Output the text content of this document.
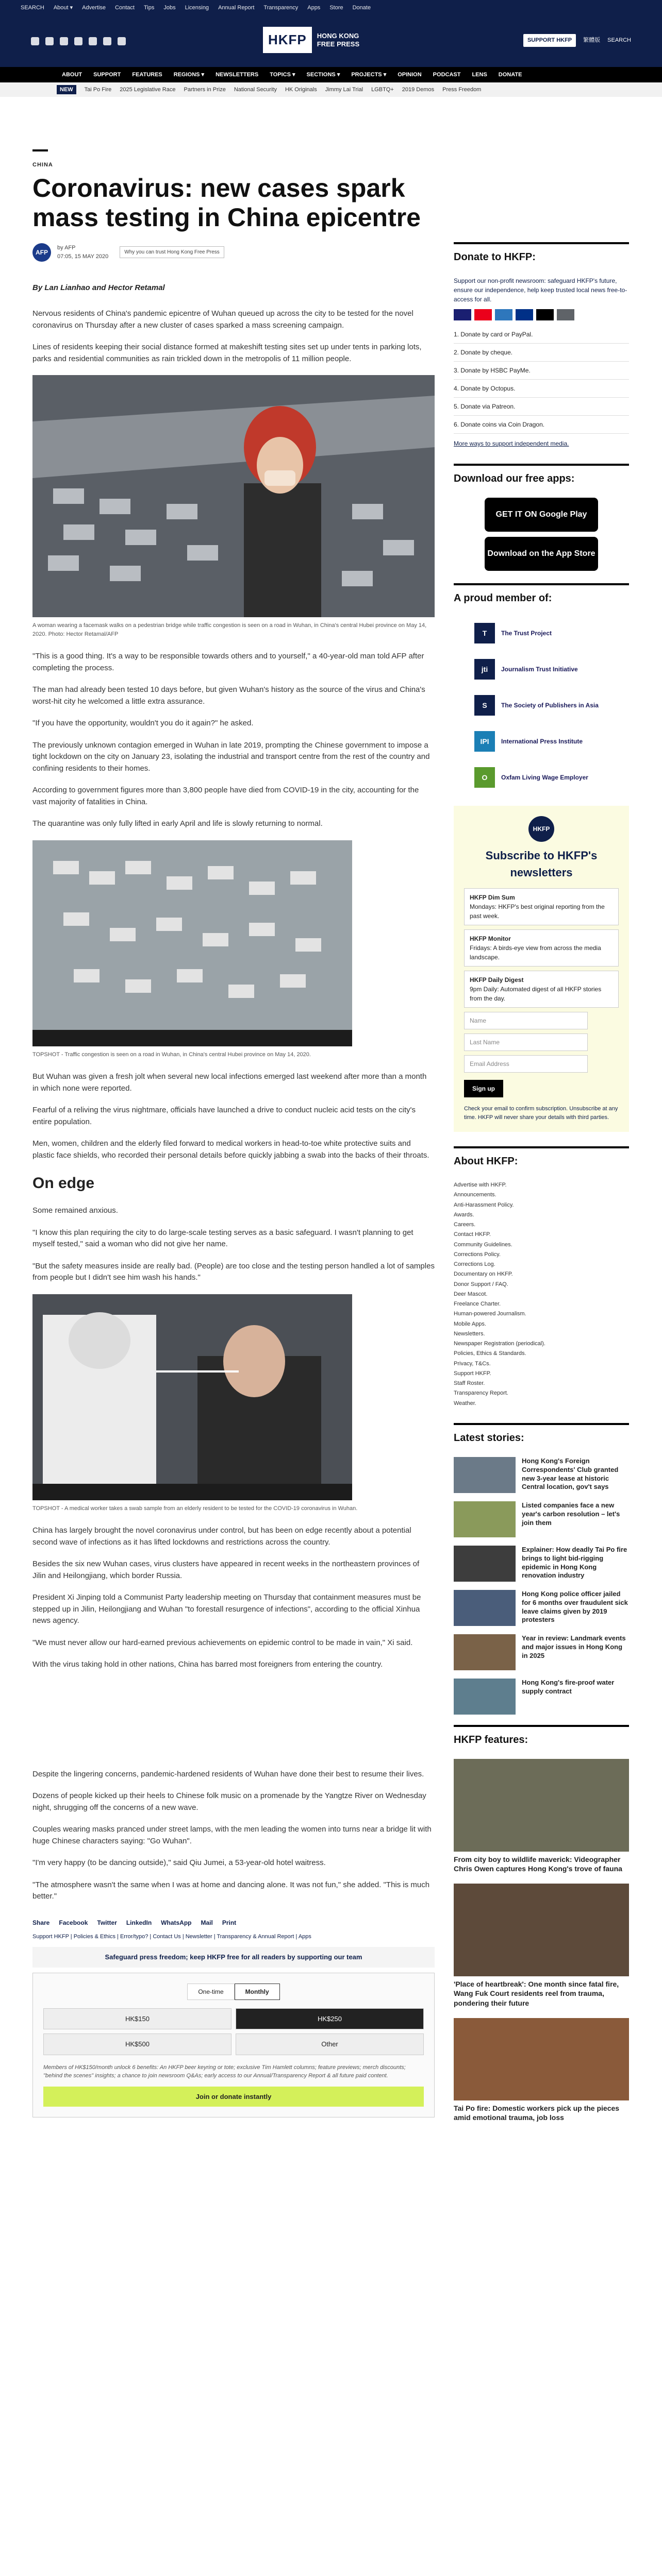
SEARCH About ▾ Advertise Contact Tips Jobs Licensing Annual Report Transparency Apps Store Donate
HKFP	HONG KONG
FREE PRESS	SUPPORT HKFP	繁體版 SEARCH
ABOUT SUPPORT FEATURES REGIONS ▾ NEWSLETTERS TOPICS ▾ SECTIONS ▾ PROJECTS ▾ OPINION PODCAST LENS DONATE
NEW	Tai Po Fire 2025 Legislative Race Partners in Prize National Security HK Originals Jimmy Lai Trial LGBTQ+ 2019 Demos Press Freedom
CHINA
Coronavirus: new cases spark mass testing in China epicentre
AFP
by AFP
07:05, 15 MAY 2020
Why you can trust Hong Kong Free Press
By Lan Lianhao and Hector Retamal

Nervous residents of China's pandemic epicentre of Wuhan queued up across the city to be tested for the novel coronavirus on Thursday after a new cluster of cases sparked a mass screening campaign.

Lines of residents keeping their social distance formed at makeshift testing sites set up under tents in parking lots, parks and residential communities as rain trickled down in the metropolis of 11 million people.

A woman wearing a facemask walks on a pedestrian bridge while traffic congestion is seen on a road in Wuhan, in China's central Hubei province on May 14, 2020. Photo: Hector Retamal/AFP

"This is a good thing. It's a way to be responsible towards others and to yourself," a 40-year-old man told AFP after completing the process.

The man had already been tested 10 days before, but given Wuhan's history as the source of the virus and China's worst-hit city he welcomed a little extra assurance.

"If you have the opportunity, wouldn't you do it again?" he asked.

The previously unknown contagion emerged in Wuhan in late 2019, prompting the Chinese government to impose a tight lockdown on the city on January 23, isolating the industrial and transport centre from the rest of the country and confining residents to their homes.

According to government figures more than 3,800 people have died from COVID-19 in the city, accounting for the vast majority of fatalities in China.

The quarantine was only fully lifted in early April and life is slowly returning to normal.

TOPSHOT - Traffic congestion is seen on a road in Wuhan, in China's central Hubei province on May 14, 2020.

But Wuhan was given a fresh jolt when several new local infections emerged last weekend after more than a month in which none were reported.

Fearful of a reliving the virus nightmare, officials have launched a drive to conduct nucleic acid tests on the city's entire population.

Men, women, children and the elderly filed forward to medical workers in head-to-toe white protective suits and plastic face shields, who recorded their personal details before quickly jabbing a swab into the backs of their throats.

On edge

Some remained anxious.

"I know this plan requiring the city to do large-scale testing serves as a basic safeguard. I wasn't planning to get myself tested," said a woman who did not give her name.

"But the safety measures inside are really bad. (People) are too close and the testing person handled a lot of samples from people but I didn't see him wash his hands."

TOPSHOT - A medical worker takes a swab sample from an elderly resident to be tested for the COVID-19 coronavirus in Wuhan.

China has largely brought the novel coronavirus under control, but has been on edge recently about a potential second wave of infections as it has lifted lockdowns and restrictions across the country.

Besides the six new Wuhan cases, virus clusters have appeared in recent weeks in the northeastern provinces of Jilin and Heilongjiang, which border Russia.

President Xi Jinping told a Communist Party leadership meeting on Thursday that containment measures must be stepped up in Jilin, Heilongjiang and Wuhan "to forestall resurgence of infections", according to the official Xinhua news agency.

"We must never allow our hard-earned previous achievements on epidemic control to be made in vain," Xi said.

With the virus taking hold in other nations, China has barred most foreigners from entering the country.

Despite the lingering concerns, pandemic-hardened residents of Wuhan have done their best to resume their lives.

Dozens of people kicked up their heels to Chinese folk music on a promenade by the Yangtze River on Wednesday night, shrugging off the concerns of a new wave.

Couples wearing masks pranced under street lamps, with the men leading the women into turns near a bridge lit with huge Chinese characters saying: "Go Wuhan".

"I'm very happy (to be dancing outside)," said Qiu Jumei, a 53-year-old hotel waitress.

"The atmosphere wasn't the same when I was at home and dancing alone. It was not fun," she added. "This is much better."

Share Facebook Twitter LinkedIn WhatsApp Mail Print
Support HKFP | Policies & Ethics | Error/typo? | Contact Us | Newsletter | Transparency & Annual Report | Apps
Safeguard press freedom; keep HKFP free for all readers by supporting our team
One-time	Monthly
HK$150	HK$250
HK$500	Other
Members of HK$150/month unlock 6 benefits: An HKFP beer keyring or tote; exclusive Tim Hamlett columns; feature previews; merch discounts; "behind the scenes" insights; a chance to join newsroom Q&As; early access to our Annual/Transparency Report & all future paid content.
Join or donate instantly
Donate to HKFP:
Support our non-profit newsroom: safeguard HKFP's future, ensure our independence, help keep trusted local news free-to-access for all.
1. Donate by card or PayPal.
2. Donate by cheque.
3. Donate by HSBC PayMe.
4. Donate by Octopus.
5. Donate via Patreon.
6. Donate coins via Coin Dragon.
More ways to support independent media.
Download our free apps:
GET IT ON Google Play
Download on the App Store
A proud member of:
T	The Trust Project
jti	Journalism Trust Initiative
S	The Society of Publishers in Asia
IPI	International Press Institute
O	Oxfam Living Wage Employer
HKFP
Subscribe to HKFP's newsletters
HKFP Dim Sum
Mondays: HKFP's best original reporting from the past week.
HKFP Monitor
Fridays: A birds-eye view from across the media landscape.
HKFP Daily Digest
9pm Daily: Automated digest of all HKFP stories from the day.
Name
Last Name
Email Address
Sign up
Check your email to confirm subscription. Unsubscribe at any time. HKFP will never share your details with third parties.
About HKFP:
Advertise with HKFP.
Announcements.
Anti-Harassment Policy.
Awards.
Careers.
Contact HKFP.
Community Guidelines.
Corrections Policy.
Corrections Log.
Documentary on HKFP.
Donor Support / FAQ.
Deer Mascot.
Freelance Charter.
Human-powered Journalism.
Mobile Apps.
Newsletters.
Newspaper Registration (periodical).
Policies, Ethics & Standards.
Privacy, T&Cs.
Support HKFP.
Staff Roster.
Transparency Report.
Weather.
Latest stories:
Hong Kong's Foreign Correspondents' Club granted new 3-year lease at historic Central location, gov't says
Listed companies face a new year's carbon resolution – let's join them
Explainer: How deadly Tai Po fire brings to light bid-rigging epidemic in Hong Kong renovation industry
Hong Kong police officer jailed for 6 months over fraudulent sick leave claims given by 2019 protesters
Year in review: Landmark events and major issues in Hong Kong in 2025
Hong Kong's fire-proof water supply contract
HKFP features:
From city boy to wildlife maverick: Videographer Chris Owen captures Hong Kong's trove of fauna
'Place of heartbreak': One month since fatal fire, Wang Fuk Court residents reel from trauma, pondering their future
Tai Po fire: Domestic workers pick up the pieces amid emotional trauma, job loss
